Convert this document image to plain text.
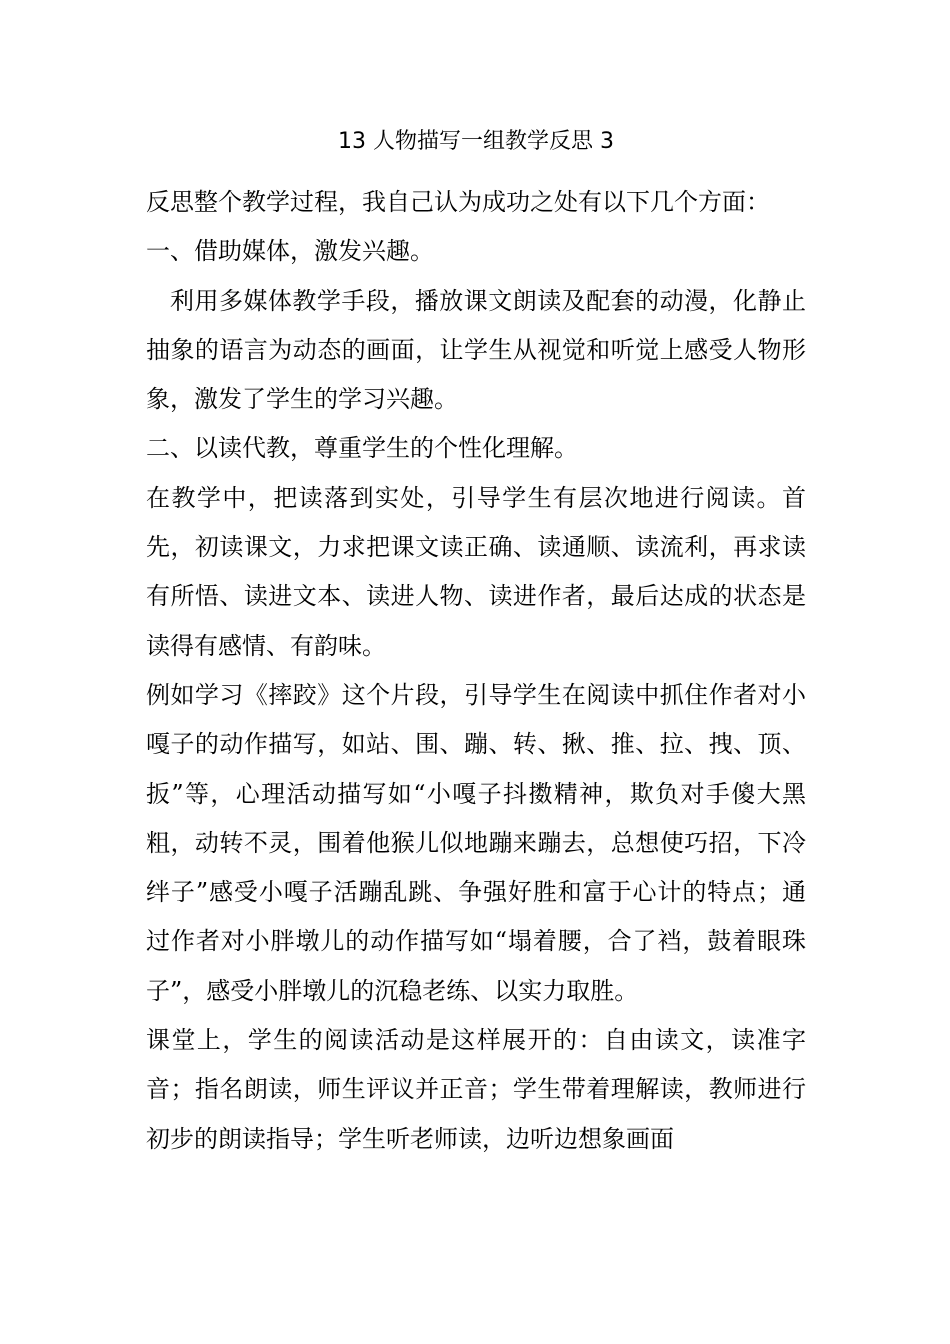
13 人物描写一组教学反思 3

反思整个教学过程，我自己认为成功之处有以下几个方面：

一、借助媒体，激发兴趣。

利用多媒体教学手段，播放课文朗读及配套的动漫，化静止抽象的语言为动态的画面，让学生从视觉和听觉上感受人物形象，激发了学生的学习兴趣。

二、以读代教，尊重学生的个性化理解。

在教学中，把读落到实处，引导学生有层次地进行阅读。首先，初读课文，力求把课文读正确、读通顺、读流利，再求读有所悟、读进文本、读进人物、读进作者，最后达成的状态是读得有感情、有韵味。

例如学习《摔跤》这个片段，引导学生在阅读中抓住作者对小嘎子的动作描写，如站、围、蹦、转、揪、推、拉、拽、顶、扳”等，心理活动描写如“小嘎子抖擞精神，欺负对手傻大黑粗，动转不灵，围着他猴儿似地蹦来蹦去，总想使巧招，下冷绊子”感受小嘎子活蹦乱跳、争强好胜和富于心计的特点；通过作者对小胖墩儿的动作描写如“塌着腰，合了裆，鼓着眼珠子”，感受小胖墩儿的沉稳老练、以实力取胜。

课堂上，学生的阅读活动是这样展开的：自由读文，读准字音；指名朗读，师生评议并正音；学生带着理解读，教师进行初步的朗读指导；学生听老师读，边听边想象画面
